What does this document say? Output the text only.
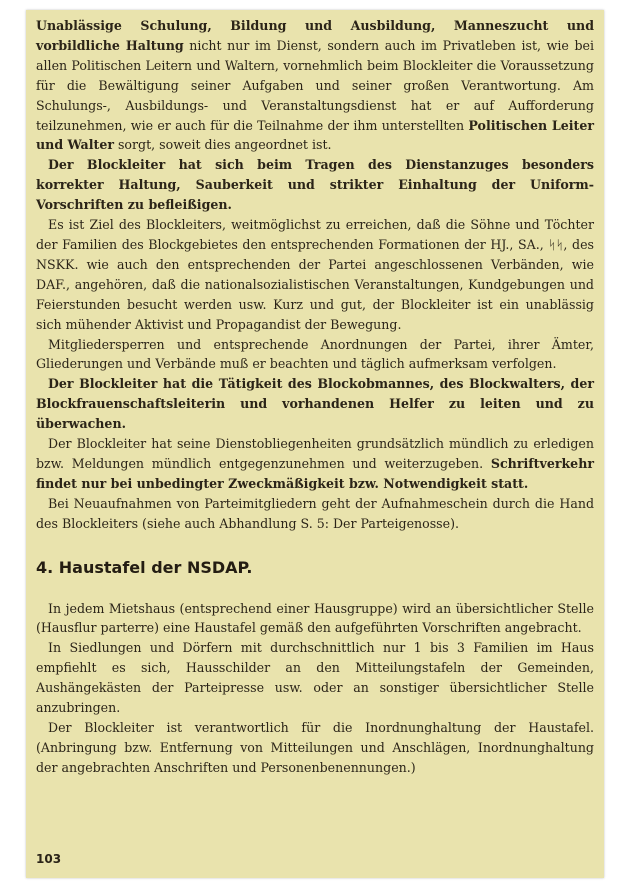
Unablässige Schulung, Bildung und Ausbildung, Manneszucht und vorbildliche Haltung nicht nur im Dienst, sondern auch im Privatleben ist, wie bei allen Politischen Leitern und Waltern, vornehmlich beim Blockleiter die Voraussetzung für die Bewältigung seiner Aufgaben und seiner großen Verantwortung. Am Schulungs-, Ausbildungs- und Veranstaltungsdienst hat er auf Aufforderung teilzunehmen, wie er auch für die Teilnahme der ihm unterstellten Politischen Leiter und Walter sorgt, soweit dies angeordnet ist.

Der Blockleiter hat sich beim Tragen des Dienstanzuges besonders korrekter Haltung, Sauberkeit und strikter Einhaltung der Uniform-Vorschriften zu befleißigen.

Es ist Ziel des Blockleiters, weitmöglichst zu erreichen, daß die Söhne und Töchter der Familien des Blockgebietes den entsprechenden Formationen der HJ., SA., ᛋᛋ, des NSKK. wie auch den entsprechenden der Partei angeschlossenen Verbänden, wie DAF., angehören, daß die nationalsozialistischen Veranstaltungen, Kundgebungen und Feierstunden besucht werden usw. Kurz und gut, der Blockleiter ist ein unablässig sich mühender Aktivist und Propagandist der Bewegung.

Mitgliedersperren und entsprechende Anordnungen der Partei, ihrer Ämter, Gliederungen und Verbände muß er beachten und täglich aufmerksam verfolgen.

Der Blockleiter hat die Tätigkeit des Blockobmannes, des Blockwalters, der Blockfrauenschaftsleiterin und vorhandenen Helfer zu leiten und zu überwachen.

Der Blockleiter hat seine Dienstobliegenheiten grundsätzlich mündlich zu erledigen bzw. Meldungen mündlich entgegenzunehmen und weiterzugeben. Schriftverkehr findet nur bei unbedingter Zweckmäßigkeit bzw. Notwendigkeit statt.

Bei Neuaufnahmen von Parteimitgliedern geht der Aufnahmeschein durch die Hand des Blockleiters (siehe auch Abhandlung S. 5: Der Parteigenosse).

4. Haustafel der NSDAP.

In jedem Mietshaus (entsprechend einer Hausgruppe) wird an übersichtlicher Stelle (Hausflur parterre) eine Haustafel gemäß den aufgeführten Vorschriften angebracht.

In Siedlungen und Dörfern mit durchschnittlich nur 1 bis 3 Familien im Haus empfiehlt es sich, Hausschilder an den Mitteilungstafeln der Gemeinden, Aushängekästen der Parteipresse usw. oder an sonstiger übersichtlicher Stelle anzubringen.

Der Blockleiter ist verantwortlich für die Inordnunghaltung der Haustafel. (Anbringung bzw. Entfernung von Mitteilungen und Anschlägen, Inordnunghaltung der angebrachten Anschriften und Personenbenennungen.)

103
